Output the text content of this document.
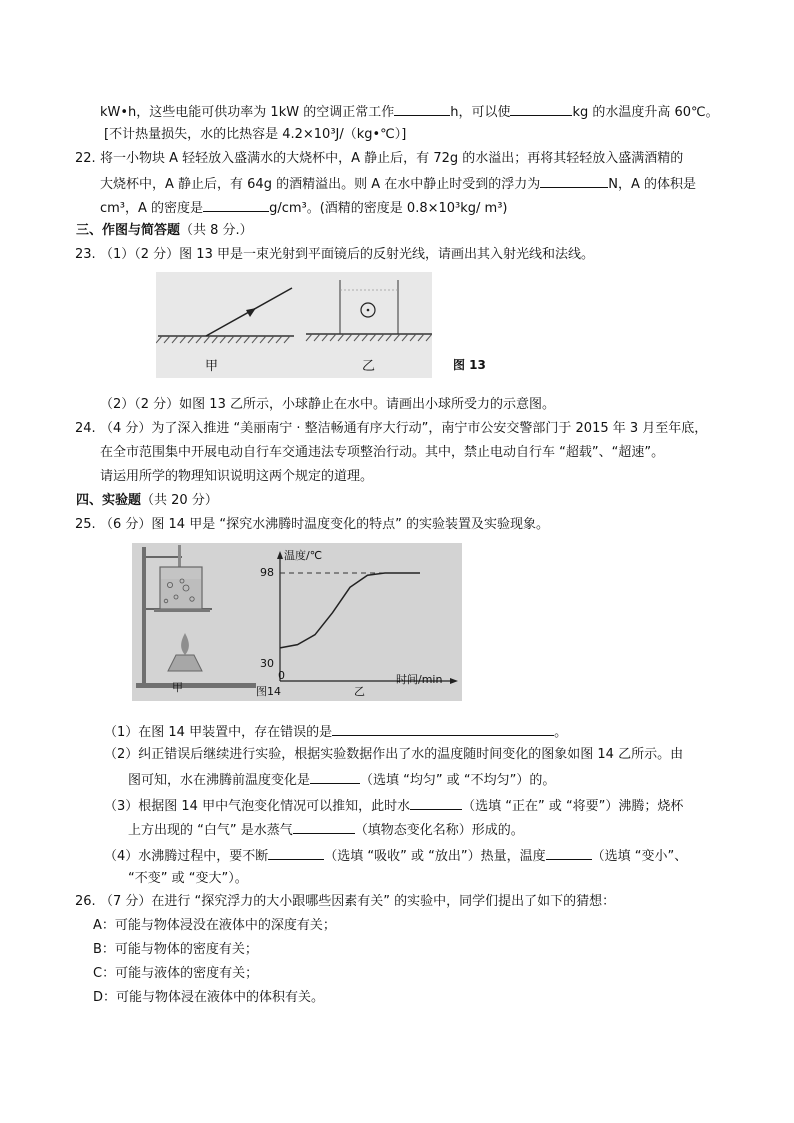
kW•h，这些电能可供功率为 1kW 的空调正常工作	h，可以使	kg 的水温度升高 60℃。
[不计热量损失，水的比热容是 4.2×10³J/（kg•℃）]
22. 将一小物块 A 轻轻放入盛满水的大烧杯中，A 静止后，有 72g 的水溢出；再将其轻轻放入盛满酒精的
大烧杯中，A 静止后，有 64g 的酒精溢出。则 A 在水中静止时受到的浮力为	N，A 的体积是
cm³，A 的密度是	g/cm³。(酒精的密度是 0.8×10³kg/ m³)
三、作图与简答题（共 8 分.）
23. （1）（2 分）图 13 甲是一束光射到平面镜后的反射光线，请画出其入射光线和法线。
甲	乙	图 13
（2）（2 分）如图 13 乙所示，小球静止在水中。请画出小球所受力的示意图。
24. （4 分）为了深入推进 “美丽南宁 · 整洁畅通有序大行动”，南宁市公安交警部门于 2015 年 3 月至年底，
在全市范围集中开展电动自行车交通违法专项整治行动。其中，禁止电动自行车 “超载”、“超速”。
请运用所学的物理知识说明这两个规定的道理。
四、实验题（共 20 分）
25. （6 分）图 14 甲是 “探究水沸腾时温度变化的特点” 的实验装置及实验现象。
温度/℃
98
30
0	时间/min
甲	图14	乙
（1）在图 14 甲装置中，存在错误的是	。
（2）纠正错误后继续进行实验，根据实验数据作出了水的温度随时间变化的图象如图 14 乙所示。由
图可知，水在沸腾前温度变化是	（选填 “均匀” 或 “不均匀”）的。
（3）根据图 14 甲中气泡变化情况可以推知，此时水	（选填 “正在” 或 “将要”）沸腾；烧杯
上方出现的 “白气” 是水蒸气	（填物态变化名称）形成的。
（4）水沸腾过程中，要不断	（选填 “吸收” 或 “放出”）热量，温度	（选填 “变小”、
“不变” 或 “变大”）。
26. （7 分）在进行 “探究浮力的大小跟哪些因素有关” 的实验中，同学们提出了如下的猜想：
A：可能与物体浸没在液体中的深度有关；
B：可能与物体的密度有关；
C：可能与液体的密度有关；
D：可能与物体浸在液体中的体积有关。
